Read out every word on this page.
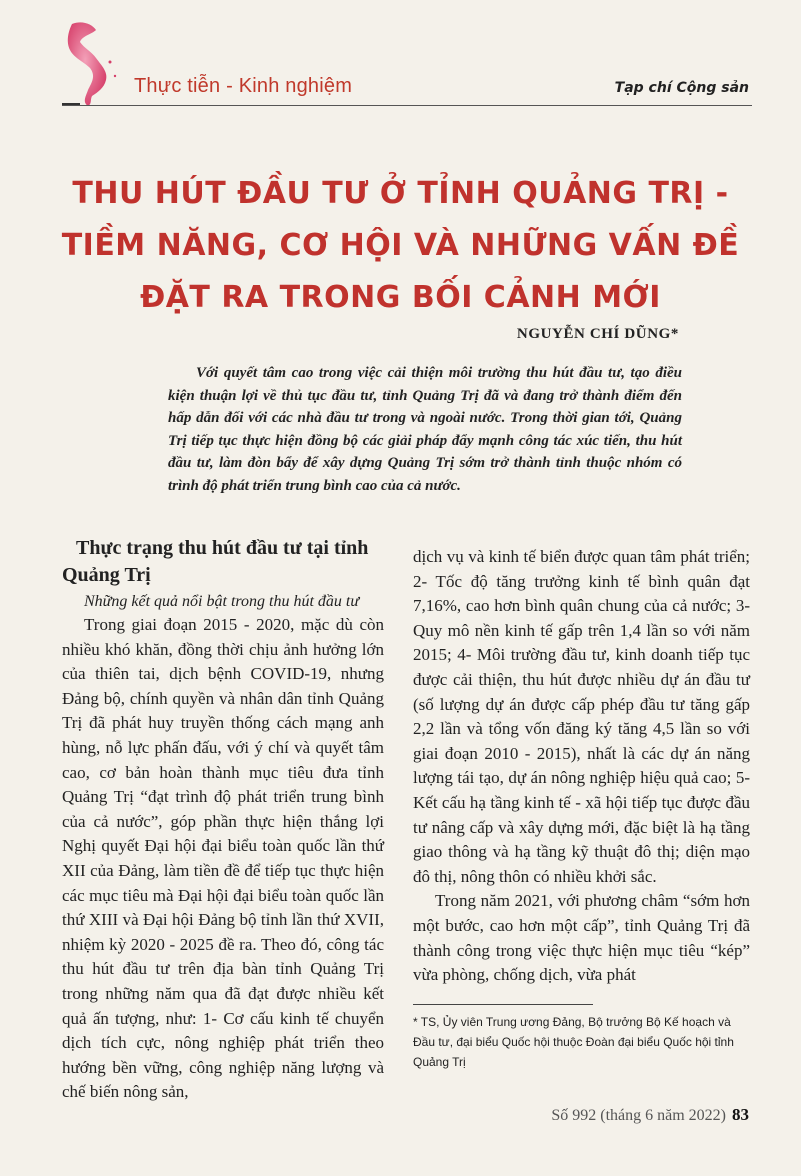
Thực tiễn - Kinh nghiệm	Tạp chí Cộng sản
THU HÚT ĐẦU TƯ Ở TỈNH QUẢNG TRỊ -
TIỀM NĂNG, CƠ HỘI VÀ NHỮNG VẤN ĐỀ
ĐẶT RA TRONG BỐI CẢNH MỚI
NGUYỄN CHÍ DŨNG*
Với quyết tâm cao trong việc cải thiện môi trường thu hút đầu tư, tạo điều kiện thuận lợi về thủ tục đầu tư, tỉnh Quảng Trị đã và đang trở thành điểm đến hấp dẫn đối với các nhà đầu tư trong và ngoài nước. Trong thời gian tới, Quảng Trị tiếp tục thực hiện đồng bộ các giải pháp đẩy mạnh công tác xúc tiến, thu hút đầu tư, làm đòn bẩy để xây dựng Quảng Trị sớm trở thành tỉnh thuộc nhóm có trình độ phát triển trung bình cao của cả nước.
Thực trạng thu hút đầu tư tại tỉnh Quảng Trị

Những kết quả nổi bật trong thu hút đầu tư

Trong giai đoạn 2015 - 2020, mặc dù còn nhiều khó khăn, đồng thời chịu ảnh hưởng lớn của thiên tai, dịch bệnh COVID-19, nhưng Đảng bộ, chính quyền và nhân dân tỉnh Quảng Trị đã phát huy truyền thống cách mạng anh hùng, nỗ lực phấn đấu, với ý chí và quyết tâm cao, cơ bản hoàn thành mục tiêu đưa tỉnh Quảng Trị “đạt trình độ phát triển trung bình của cả nước”, góp phần thực hiện thắng lợi Nghị quyết Đại hội đại biểu toàn quốc lần thứ XII của Đảng, làm tiền đề để tiếp tục thực hiện các mục tiêu mà Đại hội đại biểu toàn quốc lần thứ XIII và Đại hội Đảng bộ tỉnh lần thứ XVII, nhiệm kỳ 2020 - 2025 đề ra. Theo đó, công tác thu hút đầu tư trên địa bàn tỉnh Quảng Trị trong những năm qua đã đạt được nhiều kết quả ấn tượng, như: 1- Cơ cấu kinh tế chuyển dịch tích cực, nông nghiệp phát triển theo hướng bền vững, công nghiệp năng lượng và chế biến nông sản,

dịch vụ và kinh tế biển được quan tâm phát triển; 2- Tốc độ tăng trưởng kinh tế bình quân đạt 7,16%, cao hơn bình quân chung của cả nước; 3- Quy mô nền kinh tế gấp trên 1,4 lần so với năm 2015; 4- Môi trường đầu tư, kinh doanh tiếp tục được cải thiện, thu hút được nhiều dự án đầu tư (số lượng dự án được cấp phép đầu tư tăng gấp 2,2 lần và tổng vốn đăng ký tăng 4,5 lần so với giai đoạn 2010 - 2015), nhất là các dự án năng lượng tái tạo, dự án nông nghiệp hiệu quả cao; 5- Kết cấu hạ tầng kinh tế - xã hội tiếp tục được đầu tư nâng cấp và xây dựng mới, đặc biệt là hạ tầng giao thông và hạ tầng kỹ thuật đô thị; diện mạo đô thị, nông thôn có nhiều khởi sắc.

Trong năm 2021, với phương châm “sớm hơn một bước, cao hơn một cấp”, tỉnh Quảng Trị đã thành công trong việc thực hiện mục tiêu “kép” vừa phòng, chống dịch, vừa phát

* TS, Ủy viên Trung ương Đảng, Bộ trưởng Bộ Kế hoạch và Đầu tư, đại biểu Quốc hội thuộc Đoàn đại biểu Quốc hội tỉnh Quảng Trị
Số 992 (tháng 6 năm 2022) 83
